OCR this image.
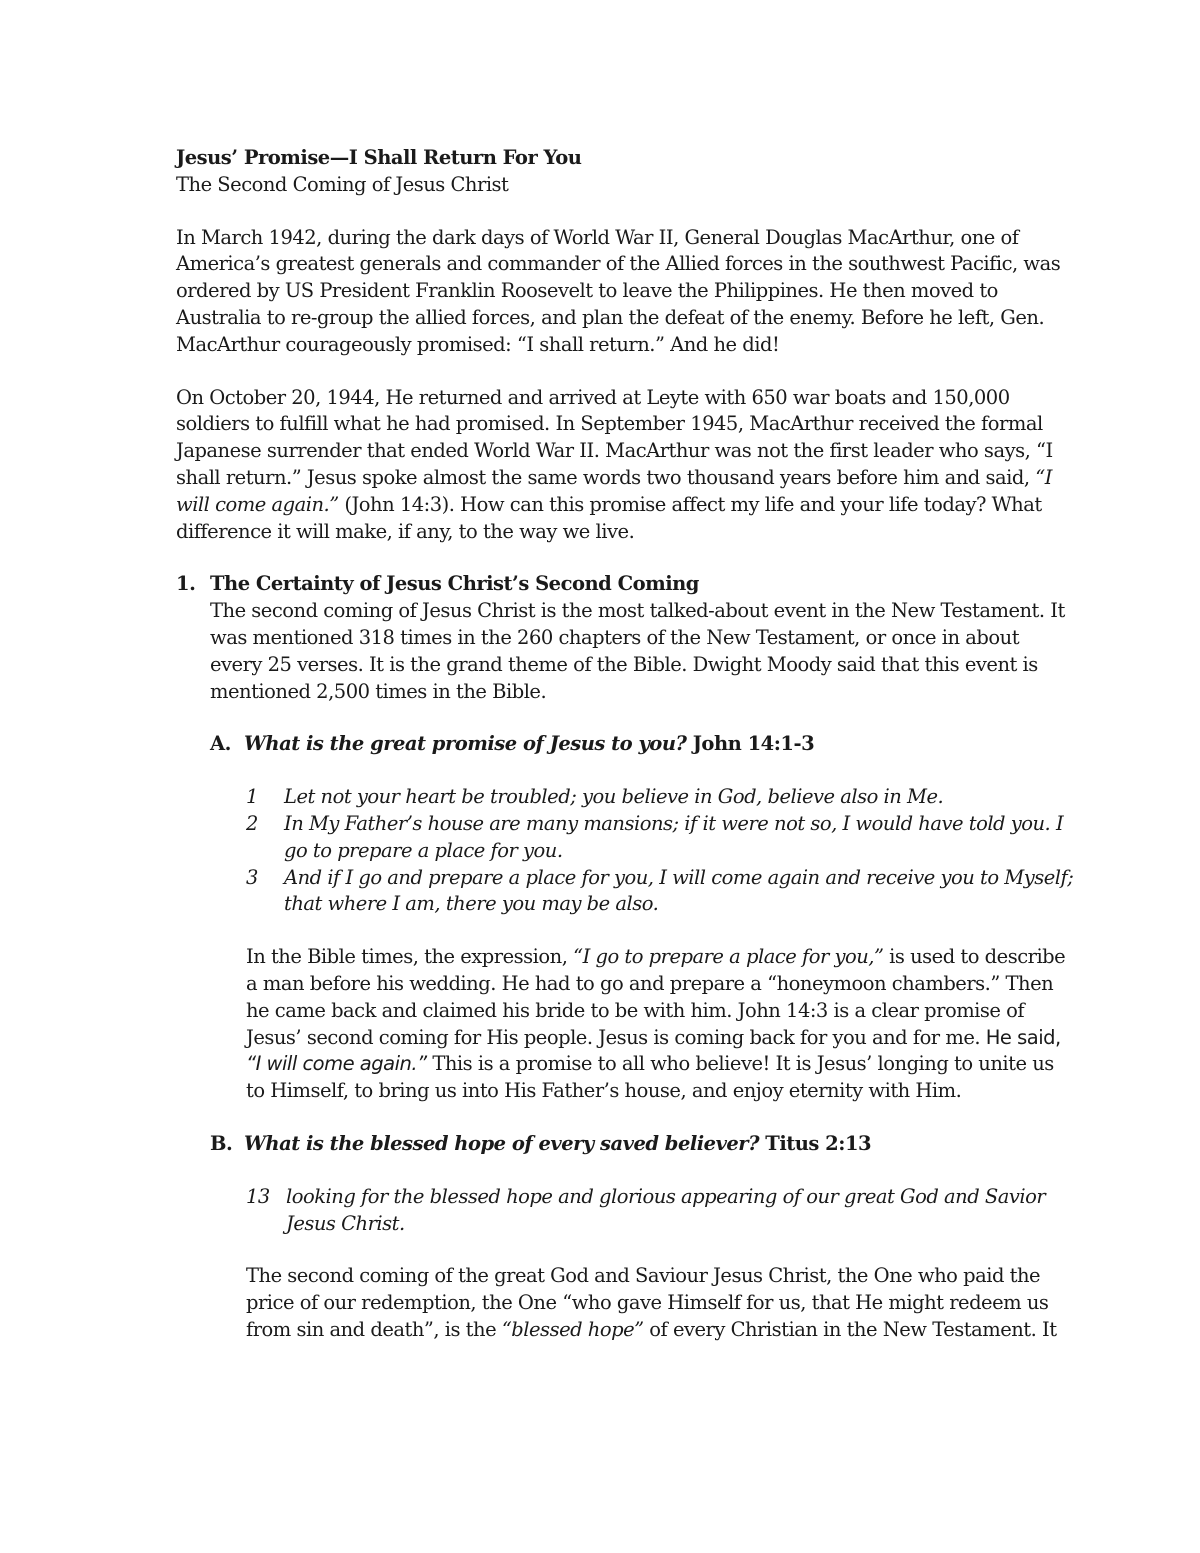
Jesus’ Promise—I Shall Return For You

The Second Coming of Jesus Christ

In March 1942, during the dark days of World War II, General Douglas MacArthur, one of America’s greatest generals and commander of the Allied forces in the southwest Pacific, was ordered by US President Franklin Roosevelt to leave the Philippines. He then moved to Australia to re-group the allied forces, and plan the defeat of the enemy. Before he left, Gen. MacArthur courageously promised: “I shall return.” And he did!

On October 20, 1944, He returned and arrived at Leyte with 650 war boats and 150,000 soldiers to fulfill what he had promised. In September 1945, MacArthur received the formal Japanese surrender that ended World War II. MacArthur was not the first leader who says, “I shall return.” Jesus spoke almost the same words two thousand years before him and said, “I will come again.” (John 14:3). How can this promise affect my life and your life today? What difference it will make, if any, to the way we live.

1. The Certainty of Jesus Christ’s Second Coming

The second coming of Jesus Christ is the most talked-about event in the New Testament. It was mentioned 318 times in the 260 chapters of the New Testament, or once in about every 25 verses. It is the grand theme of the Bible. Dwight Moody said that this event is mentioned 2,500 times in the Bible.

A. What is the great promise of Jesus to you? John 14:1-3
1	Let not your heart be troubled; you believe in God, believe also in Me.
2	In My Father’s house are many mansions; if it were not so, I would have told you. I go to prepare a place for you.
3	And if I go and prepare a place for you, I will come again and receive you to Myself; that where I am, there you may be also.

In the Bible times, the expression, “I go to prepare a place for you,” is used to describe a man before his wedding. He had to go and prepare a “honeymoon chambers.” Then he came back and claimed his bride to be with him. John 14:3 is a clear promise of Jesus’ second coming for His people. Jesus is coming back for you and for me. He said, “I will come again.” This is a promise to all who believe! It is Jesus’ longing to unite us to Himself, to bring us into His Father’s house, and enjoy eternity with Him.

B. What is the blessed hope of every saved believer? Titus 2:13
13 looking for the blessed hope and glorious appearing of our great God and Savior Jesus Christ.

The second coming of the great God and Saviour Jesus Christ, the One who paid the price of our redemption, the One “who gave Himself for us, that He might redeem us from sin and death”, is the “blessed hope” of every Christian in the New Testament. It
